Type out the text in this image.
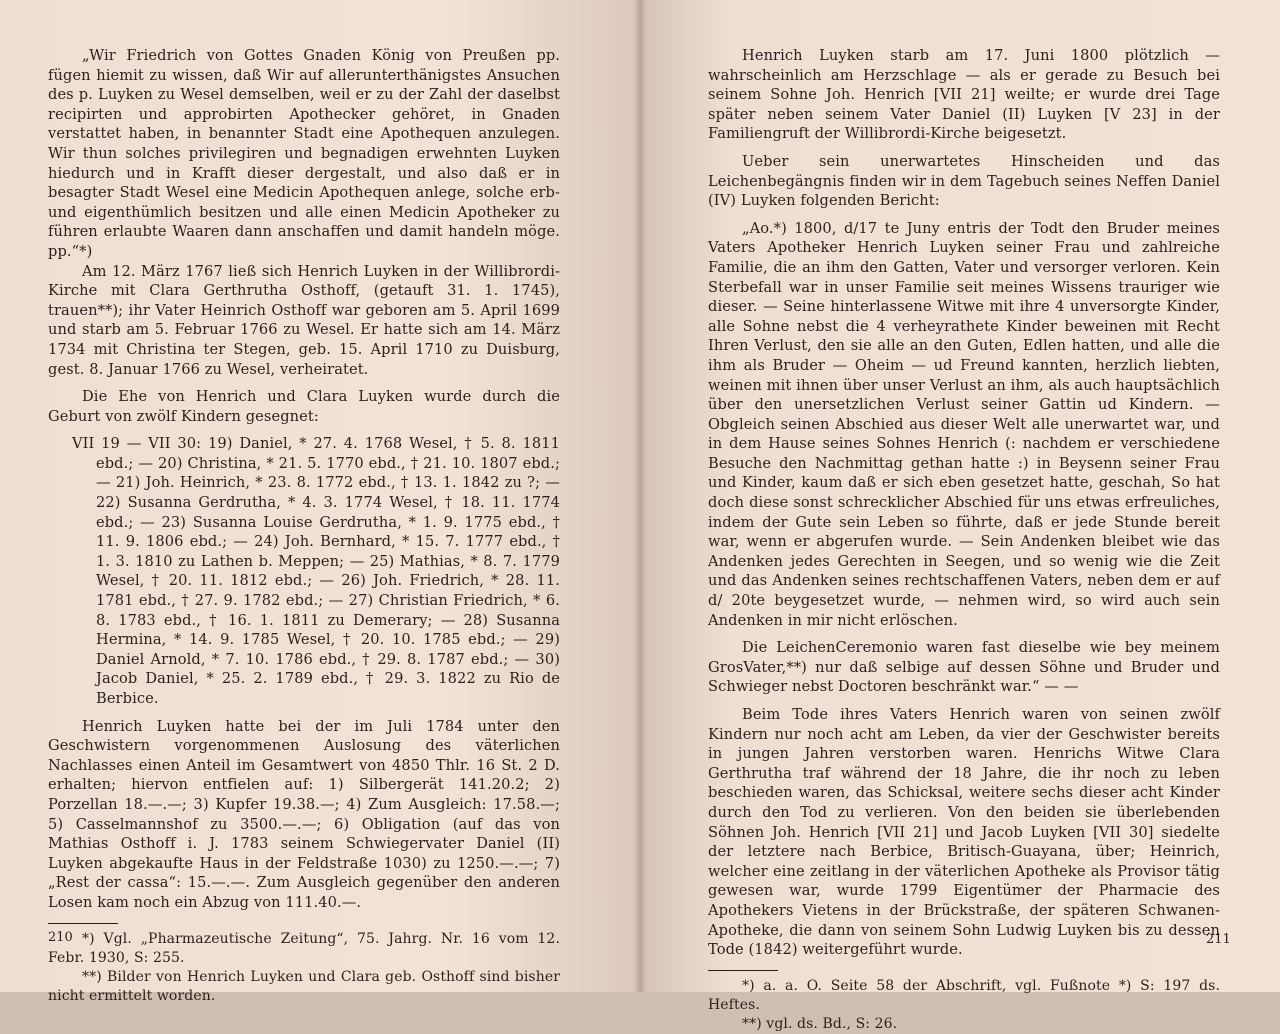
„Wir Friedrich von Gottes Gnaden König von Preußen pp. fügen hiemit zu wissen, daß Wir auf allerunterthänigstes Ansuchen des p. Luyken zu Wesel demselben, weil er zu der Zahl der daselbst recipirten und approbirten Apothecker gehöret, in Gnaden verstattet haben, in benannter Stadt eine Apothequen anzulegen. Wir thun solches privilegiren und begnadigen erwehnten Luyken hiedurch und in Krafft dieser dergestalt, und also daß er in besagter Stadt Wesel eine Medicin Apothequen anlege, solche erb- und eigenthümlich besitzen und alle einen Medicin Apotheker zu führen erlaubte Waaren dann anschaffen und damit handeln möge. pp.“*)

Am 12. März 1767 ließ sich Henrich Luyken in der Willibrordi-Kirche mit Clara Gerthrutha Osthoff, (getauft 31. 1. 1745), trauen**); ihr Vater Heinrich Osthoff war geboren am 5. April 1699 und starb am 5. Februar 1766 zu Wesel. Er hatte sich am 14. März 1734 mit Christina ter Stegen, geb. 15. April 1710 zu Duisburg, gest. 8. Januar 1766 zu Wesel, verheiratet.

Die Ehe von Henrich und Clara Luyken wurde durch die Geburt von zwölf Kindern gesegnet:

VII 19 — VII 30: 19) Daniel, * 27. 4. 1768 Wesel, † 5. 8. 1811 ebd.; — 20) Christina, * 21. 5. 1770 ebd., † 21. 10. 1807 ebd.; — 21) Joh. Heinrich, * 23. 8. 1772 ebd., † 13. 1. 1842 zu ?; — 22) Susanna Gerdrutha, * 4. 3. 1774 Wesel, † 18. 11. 1774 ebd.; — 23) Susanna Louise Gerdrutha, * 1. 9. 1775 ebd., † 11. 9. 1806 ebd.; — 24) Joh. Bernhard, * 15. 7. 1777 ebd., † 1. 3. 1810 zu Lathen b. Meppen; — 25) Mathias, * 8. 7. 1779 Wesel, † 20. 11. 1812 ebd.; — 26) Joh. Friedrich, * 28. 11. 1781 ebd., † 27. 9. 1782 ebd.; — 27) Christian Friedrich, * 6. 8. 1783 ebd., † 16. 1. 1811 zu Demerary; — 28) Susanna Hermina, * 14. 9. 1785 Wesel, † 20. 10. 1785 ebd.; — 29) Daniel Arnold, * 7. 10. 1786 ebd., † 29. 8. 1787 ebd.; — 30) Jacob Daniel, * 25. 2. 1789 ebd., † 29. 3. 1822 zu Rio de Berbice.

Henrich Luyken hatte bei der im Juli 1784 unter den Geschwistern vorgenommenen Auslosung des väterlichen Nachlasses einen Anteil im Gesamtwert von 4850 Thlr. 16 St. 2 D. erhalten; hiervon entfielen auf: 1) Silbergerät 141.20.2; 2) Porzellan 18.—.—; 3) Kupfer 19.38.—; 4) Zum Ausgleich: 17.58.—; 5) Casselmannshof zu 3500.—.—; 6) Obligation (auf das von Mathias Osthoff i. J. 1783 seinem Schwiegervater Daniel (II) Luyken abgekaufte Haus in der Feldstraße 1030) zu 1250.—.—; 7) „Rest der cassa“: 15.—.—. Zum Ausgleich gegenüber den anderen Losen kam noch ein Abzug von 111.40.—.

*) Vgl. „Pharmazeutische Zeitung“, 75. Jahrg. Nr. 16 vom 12. Febr. 1930, S: 255.

**) Bilder von Henrich Luyken und Clara geb. Osthoff sind bisher nicht ermittelt worden.

210

Henrich Luyken starb am 17. Juni 1800 plötzlich — wahrscheinlich am Herzschlage — als er gerade zu Besuch bei seinem Sohne Joh. Henrich [VII 21] weilte; er wurde drei Tage später neben seinem Vater Daniel (II) Luyken [V 23] in der Familiengruft der Willibrordi-Kirche beigesetzt.

Ueber sein unerwartetes Hinscheiden und das Leichenbegängnis finden wir in dem Tagebuch seines Neffen Daniel (IV) Luyken folgenden Bericht:

„Ao.*) 1800, d/17 te Juny entris der Todt den Bruder meines Vaters Apotheker Henrich Luyken seiner Frau und zahlreiche Familie, die an ihm den Gatten, Vater und versorger verloren. Kein Sterbefall war in unser Familie seit meines Wissens trauriger wie dieser. — Seine hinterlassene Witwe mit ihre 4 unversorgte Kinder, alle Sohne nebst die 4 verheyrathete Kinder beweinen mit Recht Ihren Verlust, den sie alle an den Guten, Edlen hatten, und alle die ihm als Bruder — Oheim — ud Freund kannten, herzlich liebten, weinen mit ihnen über unser Verlust an ihm, als auch hauptsächlich über den unersetzlichen Verlust seiner Gattin ud Kindern. — Obgleich seinen Abschied aus dieser Welt alle unerwartet war, und in dem Hause seines Sohnes Henrich (: nachdem er verschiedene Besuche den Nachmittag gethan hatte :) in Beysenn seiner Frau und Kinder, kaum daß er sich eben gesetzet hatte, geschah, So hat doch diese sonst schrecklicher Abschied für uns etwas erfreuliches, indem der Gute sein Leben so führte, daß er jede Stunde bereit war, wenn er abgerufen wurde. — Sein Andenken bleibet wie das Andenken jedes Gerechten in Seegen, und so wenig wie die Zeit und das Andenken seines rechtschaffenen Vaters, neben dem er auf d/ 20te beygesetzet wurde, — nehmen wird, so wird auch sein Andenken in mir nicht erlöschen.

Die LeichenCeremonio waren fast dieselbe wie bey meinem GrosVater,**) nur daß selbige auf dessen Söhne und Bruder und Schwieger nebst Doctoren beschränkt war.“ — —

Beim Tode ihres Vaters Henrich waren von seinen zwölf Kindern nur noch acht am Leben, da vier der Geschwister bereits in jungen Jahren verstorben waren. Henrichs Witwe Clara Gerthrutha traf während der 18 Jahre, die ihr noch zu leben beschieden waren, das Schicksal, weitere sechs dieser acht Kinder durch den Tod zu verlieren. Von den beiden sie überlebenden Söhnen Joh. Henrich [VII 21] und Jacob Luyken [VII 30] siedelte der letztere nach Berbice, Britisch-Guayana, über; Heinrich, welcher eine zeitlang in der väterlichen Apotheke als Provisor tätig gewesen war, wurde 1799 Eigentümer der Pharmacie des Apothekers Vietens in der Brückstraße, der späteren Schwanen-Apotheke, die dann von seinem Sohn Ludwig Luyken bis zu dessen Tode (1842) weitergeführt wurde.

*) a. a. O. Seite 58 der Abschrift, vgl. Fußnote *) S: 197 ds. Heftes.

**) vgl. ds. Bd., S: 26.

211
